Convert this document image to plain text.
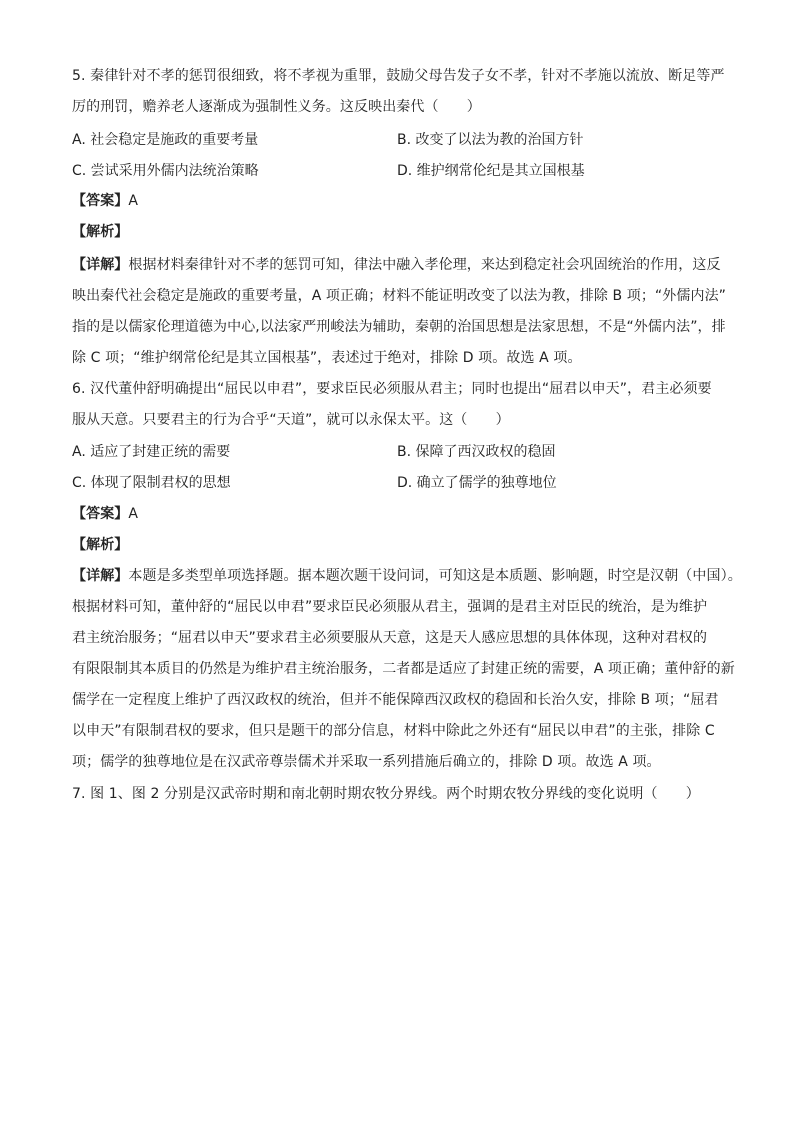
5. 秦律针对不孝的惩罚很细致，将不孝视为重罪，鼓励父母告发子女不孝，针对不孝施以流放、断足等严
厉的刑罚，赡养老人逐渐成为强制性义务。这反映出秦代（　　）
A. 社会稳定是施政的重要考量	B. 改变了以法为教的治国方针
C. 尝试采用外儒内法统治策略	D. 维护纲常伦纪是其立国根基
【答案】A
【解析】
【详解】根据材料秦律针对不孝的惩罚可知，律法中融入孝伦理，来达到稳定社会巩固统治的作用，这反
映出秦代社会稳定是施政的重要考量，A 项正确；材料不能证明改变了以法为教，排除 B 项；“外儒内法”
指的是以儒家伦理道德为中心,以法家严刑峻法为辅助，秦朝的治国思想是法家思想，不是“外儒内法”，排
除 C 项；“维护纲常伦纪是其立国根基”，表述过于绝对，排除 D 项。故选 A 项。
6. 汉代董仲舒明确提出“屈民以申君”，要求臣民必须服从君主；同时也提出“屈君以申天”，君主必须要
服从天意。只要君主的行为合乎“天道”，就可以永保太平。这（　　）
A. 适应了封建正统的需要	B. 保障了西汉政权的稳固
C. 体现了限制君权的思想	D. 确立了儒学的独尊地位
【答案】A
【解析】
【详解】本题是多类型单项选择题。据本题次题干设问词，可知这是本质题、影响题，时空是汉朝（中国）。
根据材料可知，董仲舒的“屈民以申君”要求臣民必须服从君主，强调的是君主对臣民的统治，是为维护
君主统治服务；“屈君以申天”要求君主必须要服从天意，这是天人感应思想的具体体现，这种对君权的
有限限制其本质目的仍然是为维护君主统治服务，二者都是适应了封建正统的需要，A 项正确；董仲舒的新
儒学在一定程度上维护了西汉政权的统治，但并不能保障西汉政权的稳固和长治久安，排除 B 项；“屈君
以申天”有限制君权的要求，但只是题干的部分信息，材料中除此之外还有“屈民以申君”的主张，排除 C
项；儒学的独尊地位是在汉武帝尊崇儒术并采取一系列措施后确立的，排除 D 项。故选 A 项。
7. 图 1、图 2 分别是汉武帝时期和南北朝时期农牧分界线。两个时期农牧分界线的变化说明（　　）
